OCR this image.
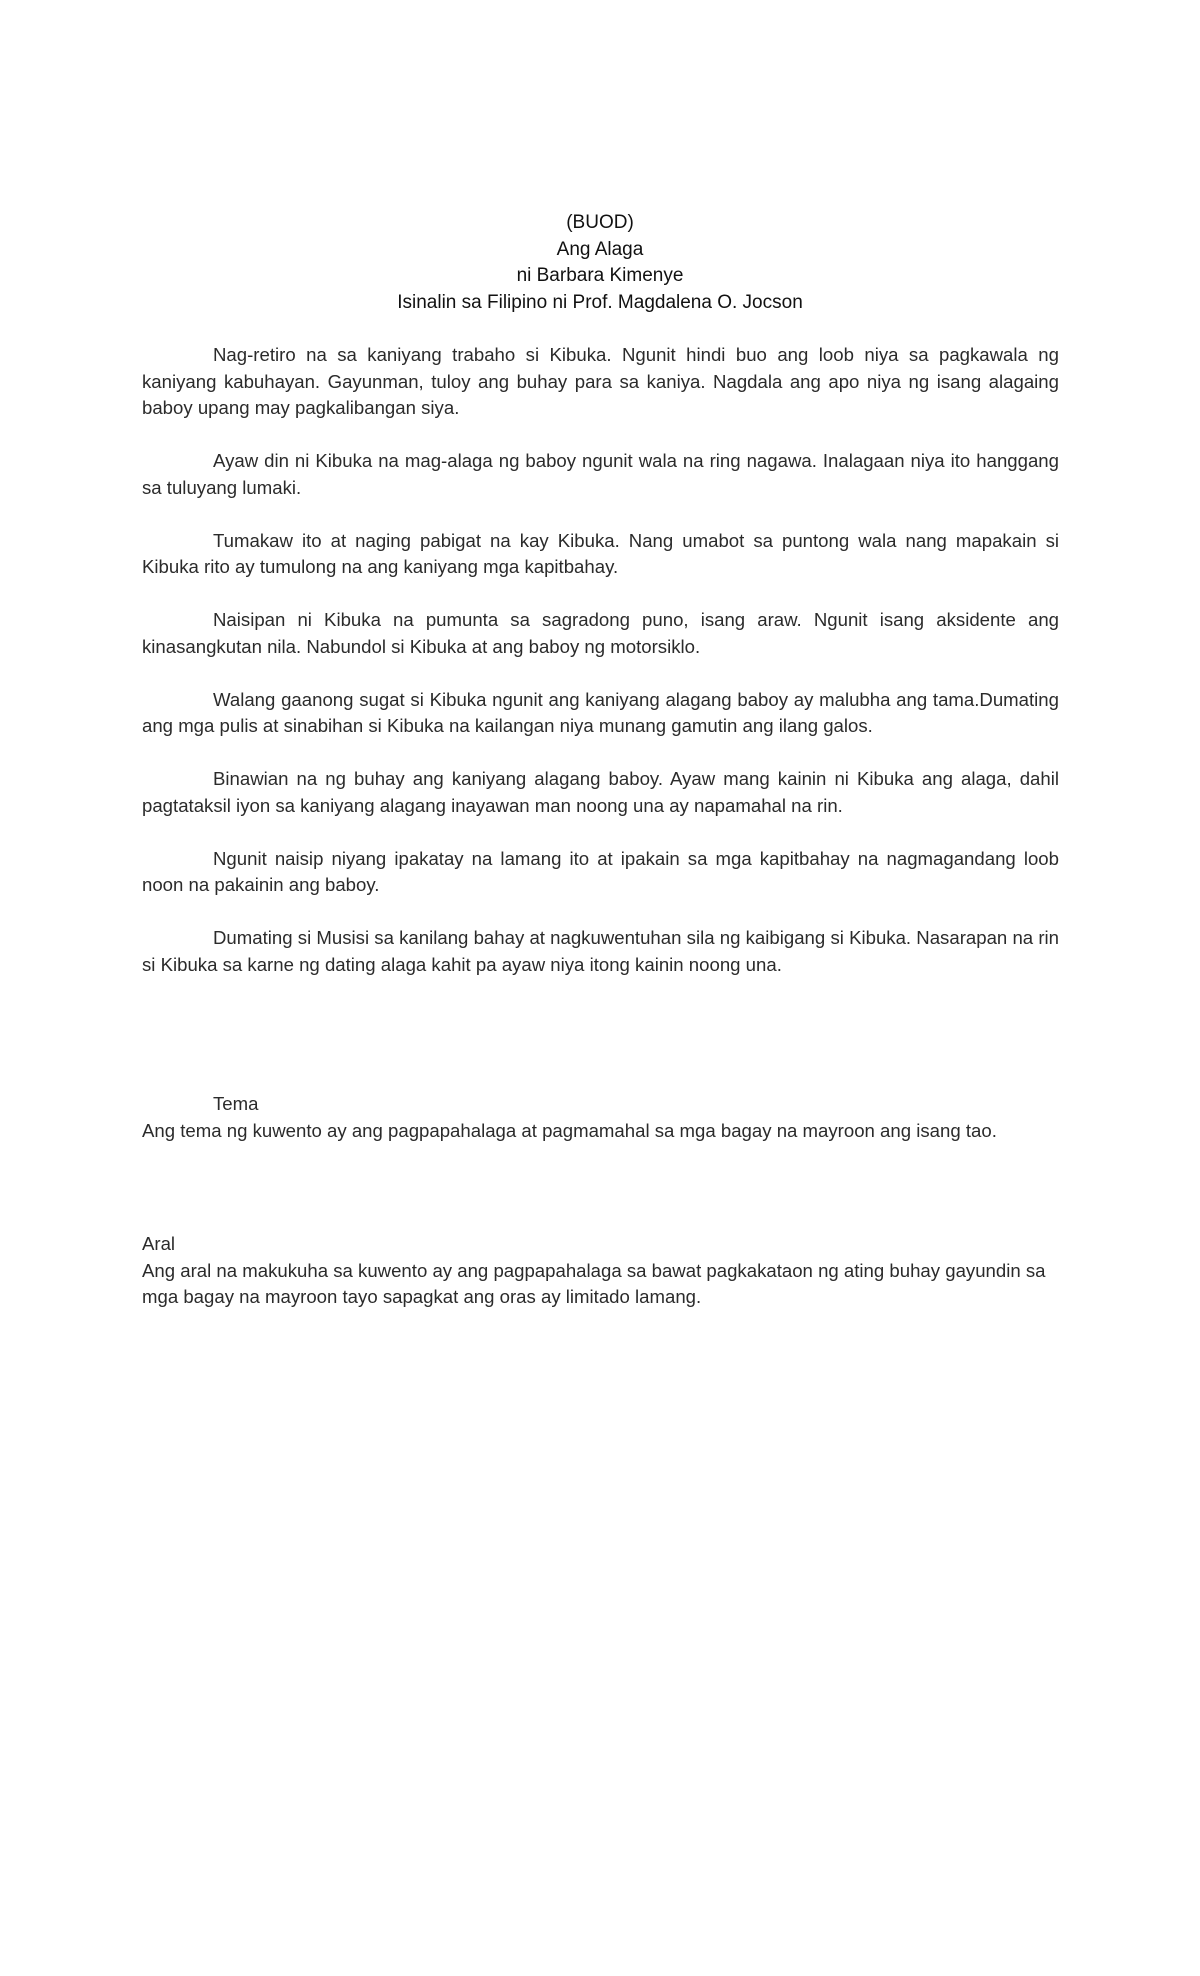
(BUOD)
Ang Alaga
ni Barbara Kimenye
Isinalin sa Filipino ni Prof. Magdalena O. Jocson

Nag-retiro na sa kaniyang trabaho si Kibuka. Ngunit hindi buo ang loob niya sa pagkawala ng kaniyang kabuhayan. Gayunman, tuloy ang buhay para sa kaniya. Nagdala ang apo niya ng isang alagaing baboy upang may pagkalibangan siya.

Ayaw din ni Kibuka na mag-alaga ng baboy ngunit wala na ring nagawa. Inalagaan niya ito hanggang sa tuluyang lumaki.

Tumakaw ito at naging pabigat na kay Kibuka. Nang umabot sa puntong wala nang mapakain si Kibuka rito ay tumulong na ang kaniyang mga kapitbahay.

Naisipan ni Kibuka na pumunta sa sagradong puno, isang araw. Ngunit isang aksidente ang kinasangkutan nila. Nabundol si Kibuka at ang baboy ng motorsiklo.

Walang gaanong sugat si Kibuka ngunit ang kaniyang alagang baboy ay malubha ang tama.Dumating ang mga pulis at sinabihan si Kibuka na kailangan niya munang gamutin ang ilang galos.

Binawian na ng buhay ang kaniyang alagang baboy. Ayaw mang kainin ni Kibuka ang alaga, dahil pagtataksil iyon sa kaniyang alagang inayawan man noong una ay napamahal na rin.

Ngunit naisip niyang ipakatay na lamang ito at ipakain sa mga kapitbahay na nagmagandang loob noon na pakainin ang baboy.

Dumating si Musisi sa kanilang bahay at nagkuwentuhan sila ng kaibigang si Kibuka. Nasarapan na rin si Kibuka sa karne ng dating alaga kahit pa ayaw niya itong kainin noong una.

Tema
Ang tema ng kuwento ay ang pagpapahalaga at pagmamahal sa mga bagay na mayroon ang isang tao.
Aral
Ang aral na makukuha sa kuwento ay ang pagpapahalaga sa bawat pagkakataon ng ating buhay gayundin sa mga bagay na mayroon tayo sapagkat ang oras ay limitado lamang.
